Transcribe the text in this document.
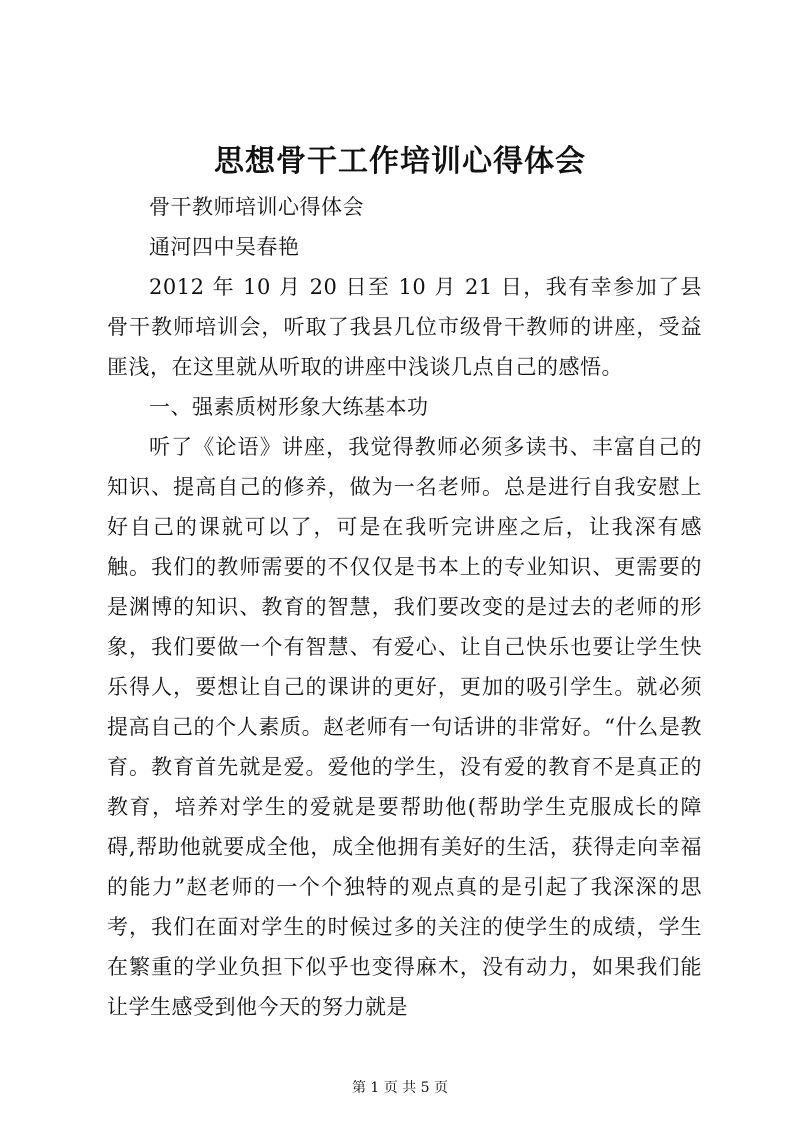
思想骨干工作培训心得体会

骨干教师培训心得体会

通河四中吴春艳

2012 年 10 月 20 日至 10 月 21 日，我有幸参加了县骨干教师培训会，听取了我县几位市级骨干教师的讲座，受益匪浅，在这里就从听取的讲座中浅谈几点自己的感悟。

一、强素质树形象大练基本功

听了《论语》讲座，我觉得教师必须多读书、丰富自己的知识、提高自己的修养，做为一名老师。总是进行自我安慰上好自己的课就可以了，可是在我听完讲座之后，让我深有感触。我们的教师需要的不仅仅是书本上的专业知识、更需要的是渊博的知识、教育的智慧，我们要改变的是过去的老师的形象，我们要做一个有智慧、有爱心、让自己快乐也要让学生快乐得人，要想让自己的课讲的更好，更加的吸引学生。就必须提高自己的个人素质。赵老师有一句话讲的非常好。“什么是教育。教育首先就是爱。爱他的学生，没有爱的教育不是真正的教育，培养对学生的爱就是要帮助他(帮助学生克服成长的障碍,帮助他就要成全他，成全他拥有美好的生活，获得走向幸福的能力”赵老师的一个个独特的观点真的是引起了我深深的思考，我们在面对学生的时候过多的关注的使学生的成绩，学生在繁重的学业负担下似乎也变得麻木，没有动力，如果我们能让学生感受到他今天的努力就是

第 1 页 共 5 页
